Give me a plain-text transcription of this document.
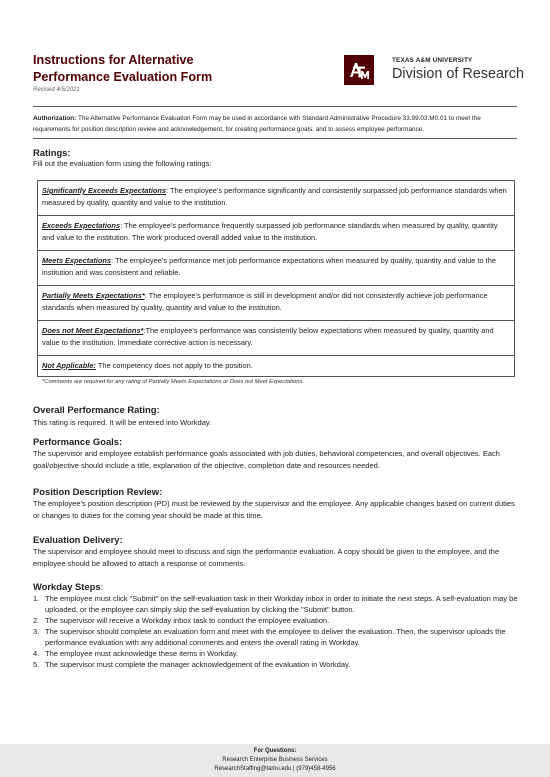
Instructions for Alternative
Performance Evaluation Form
Revised 4/5/2021
TEXAS A&M UNIVERSITY
Division of Research
Authorization: The Alternative Performance Evaluation Form may be used in accordance with Standard Administrative Procedure 33.99.03.M0.01 to meet the requirements for position description review and acknowledgement, for creating performance goals, and to assess employee performance.
Ratings:
Fill out the evaluation form using the following ratings:
Significantly Exceeds Expectations: The employee’s performance significantly and consistently surpassed job performance standards when measured by quality, quantity and value to the institution.
Exceeds Expectations: The employee’s performance frequently surpassed job performance standards when measured by quality, quantity and value to the institution. The work produced overall added value to the institution.
Meets Expectations: The employee’s performance met job performance expectations when measured by quality, quantity and value to the institution and was consistent and reliable.
Partially Meets Expectations*: The employee’s performance is still in development and/or did not consistently achieve job performance standards when measured by quality, quantity and value to the institution.
Does not Meet Expectations*:The employee’s performance was consistently below expectations when measured by quality, quantity and value to the institution. Immediate corrective action is necessary.
Not Applicable: The competency does not apply to the position.
*Comments are required for any rating of Partially Meets Expectations or Does not Meet Expectations.
Overall Performance Rating:
This rating is required. It will be entered into Workday.
Performance Goals:
The supervisor and employee establish performance goals associated with job duties, behavioral competencies, and overall objectives. Each goal/objective should include a title, explanation of the objective, completion date and resources needed.
Position Description Review:
The employee’s position description (PD) must be reviewed by the supervisor and the employee. Any applicable changes based on current duties or changes to duties for the coming year should be made at this time.
Evaluation Delivery:
The supervisor and employee should meet to discuss and sign the performance evaluation. A copy should be given to the employee, and the employee should be allowed to attach a response or comments.
Workday Steps:
1. The employee must click "Submit" on the self-evaluation task in their Workday inbox in order to initiate the next steps. A self-evaluation may be uploaded, or the employee can simply skip the self-evaluation by clicking the "Submit" button.
2. The supervisor will receive a Workday inbox task to conduct the employee evaluation.
3. The supervisor should complete an evaluation form and meet with the employee to deliver the evaluation. Then, the supervisor uploads the performance evaluation with any additional comments and enters the overall rating in Workday.
4. The employee must acknowledge these items in Workday.
5. The supervisor must complete the manager acknowledgement of the evaluation in Workday.
For Questions:
Research Enterprise Business Services
ResearchStaffing@tamu.edu | (979)458-4956
